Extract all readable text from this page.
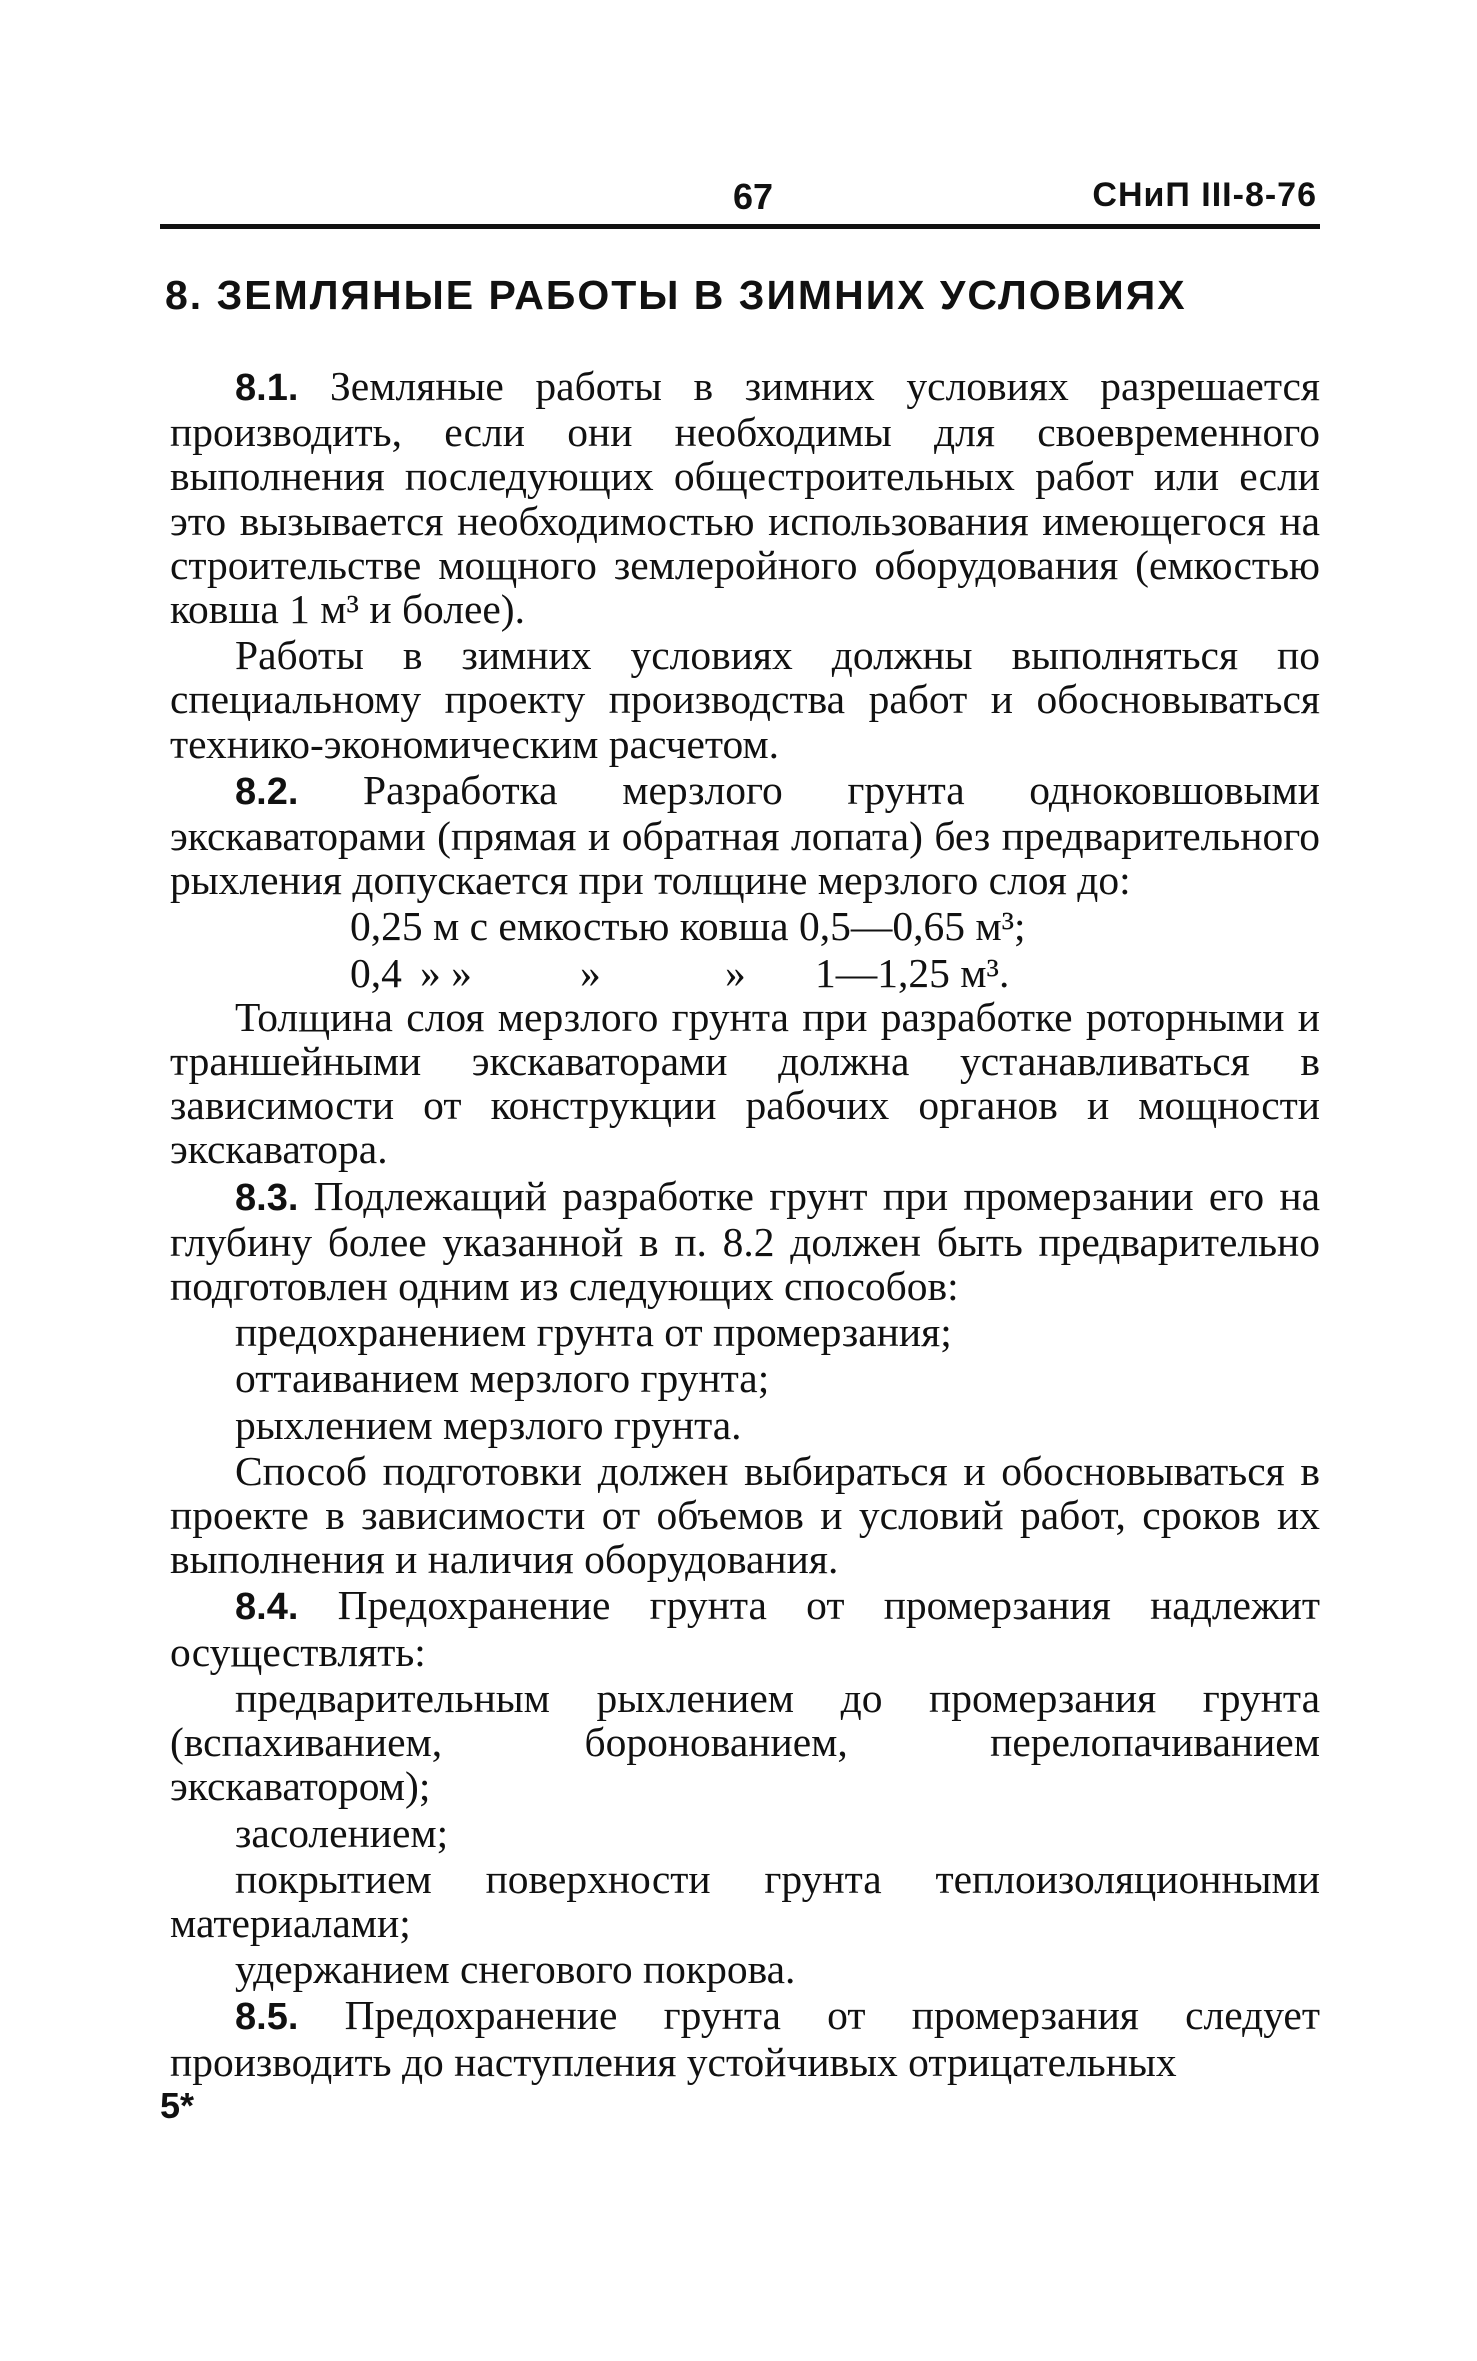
67	СНиП III-8-76
8. ЗЕМЛЯНЫЕ РАБОТЫ В ЗИМНИХ УСЛОВИЯХ

8.1. Земляные работы в зимних условиях разрешается производить, если они необходимы для своевременного выполнения последующих общестроительных работ или если это вызывается необходимостью использования имеющегося на строительстве мощного землеройного оборудования (емкостью ковша 1 м³ и более).

Работы в зимних условиях должны выполняться по специальному проекту производства работ и обосновываться технико-экономическим расчетом.

8.2. Разработка мерзлого грунта одноковшовыми экскаваторами (прямая и обратная лопата) без предварительного рыхления допускается при толщине мерзлого слоя до:

0,25 м с емкостью ковша 0,5—0,65 м³;

0,4 » »	»	»	1—1,25 м³.

Толщина слоя мерзлого грунта при разработке роторными и траншейными экскаваторами должна устанавливаться в зависимости от конструкции рабочих органов и мощности экскаватора.

8.3. Подлежащий разработке грунт при промерзании его на глубину более указанной в п. 8.2 должен быть предварительно подготовлен одним из следующих способов:

предохранением грунта от промерзания;

оттаиванием мерзлого грунта;

рыхлением мерзлого грунта.

Способ подготовки должен выбираться и обосновываться в проекте в зависимости от объемов и условий работ, сроков их выполнения и наличия оборудования.

8.4. Предохранение грунта от промерзания надлежит осуществлять:

предварительным рыхлением до промерзания грунта (вспахиванием, боронованием, перелопачиванием экскаватором);

засолением;

покрытием поверхности грунта теплоизоляционными материалами;

удержанием снегового покрова.

8.5. Предохранение грунта от промерзания следует производить до наступления устойчивых отрицательных

5*
